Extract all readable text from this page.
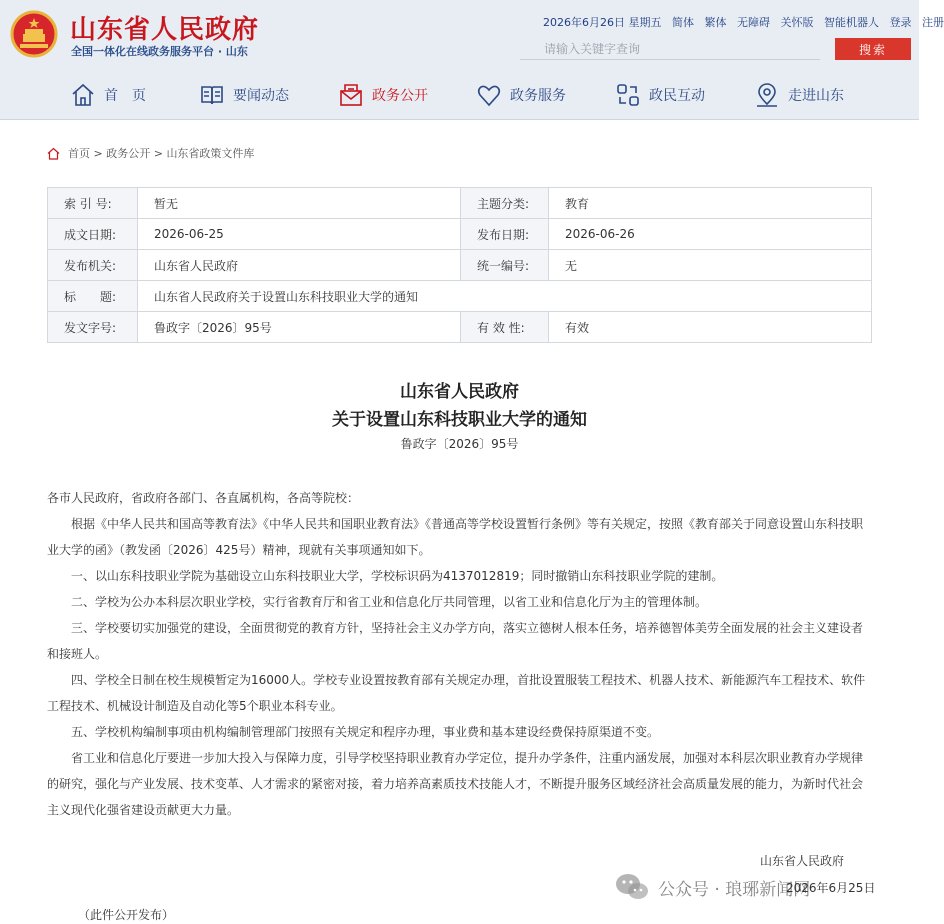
山东省人民政府
全国一体化在线政务服务平台 · 山东
2026年6月26日 星期五 简体 繁体 无障碍 关怀版 智能机器人 登录 注册
请输入关键字查询
搜索
首　页	要闻动态	政务公开	政务服务	政民互动	走进山东
首页 > 政务公开 > 山东省政策文件库
索 引 号:	暂无	主题分类:	教育
成文日期:	2026-06-25	发布日期:	2026-06-26
发布机关:	山东省人民政府	统一编号:	无
标　　题:	山东省人民政府关于设置山东科技职业大学的通知		
发文字号:	鲁政字〔2026〕95号	有 效 性:	有效
山东省人民政府
关于设置山东科技职业大学的通知
鲁政字〔2026〕95号

各市人民政府，省政府各部门、各直属机构，各高等院校：

根据《中华人民共和国高等教育法》《中华人民共和国职业教育法》《普通高等学校设置暂行条例》等有关规定，按照《教育部关于同意设置山东科技职业大学的函》（教发函〔2026〕425号）精神，现就有关事项通知如下。

一、以山东科技职业学院为基础设立山东科技职业大学，学校标识码为4137012819；同时撤销山东科技职业学院的建制。

二、学校为公办本科层次职业学校，实行省教育厅和省工业和信息化厅共同管理，以省工业和信息化厅为主的管理体制。

三、学校要切实加强党的建设，全面贯彻党的教育方针，坚持社会主义办学方向，落实立德树人根本任务，培养德智体美劳全面发展的社会主义建设者和接班人。

四、学校全日制在校生规模暂定为16000人。学校专业设置按教育部有关规定办理，首批设置服装工程技术、机器人技术、新能源汽车工程技术、软件工程技术、机械设计制造及自动化等5个职业本科专业。

五、学校机构编制事项由机构编制管理部门按照有关规定和程序办理，事业费和基本建设经费保持原渠道不变。

省工业和信息化厅要进一步加大投入与保障力度，引导学校坚持职业教育办学定位，提升办学条件，注重内涵发展，加强对本科层次职业教育办学规律的研究，强化与产业发展、技术变革、人才需求的紧密对接，着力培养高素质技术技能人才，不断提升服务区域经济社会高质量发展的能力，为新时代社会主义现代化强省建设贡献更大力量。

山东省人民政府
公众号 · 琅琊新闻网
2026年6月25日
（此件公开发布）
